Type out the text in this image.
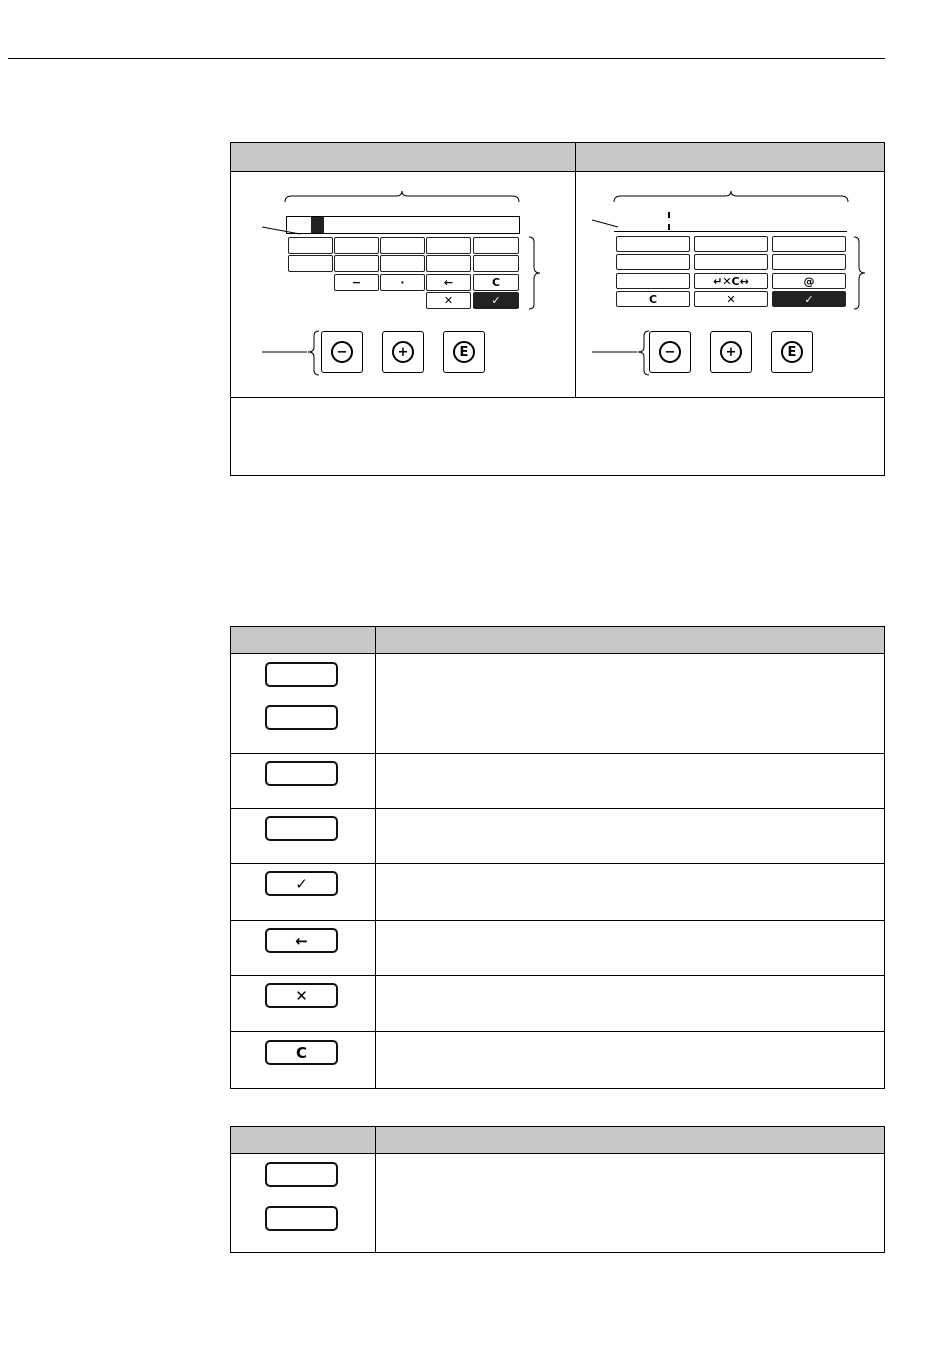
−	·	←	C
✕	✓
−	+	E
↵✕C↔	@
C	✕	✓
−	+	E
✓
←
✕
C
